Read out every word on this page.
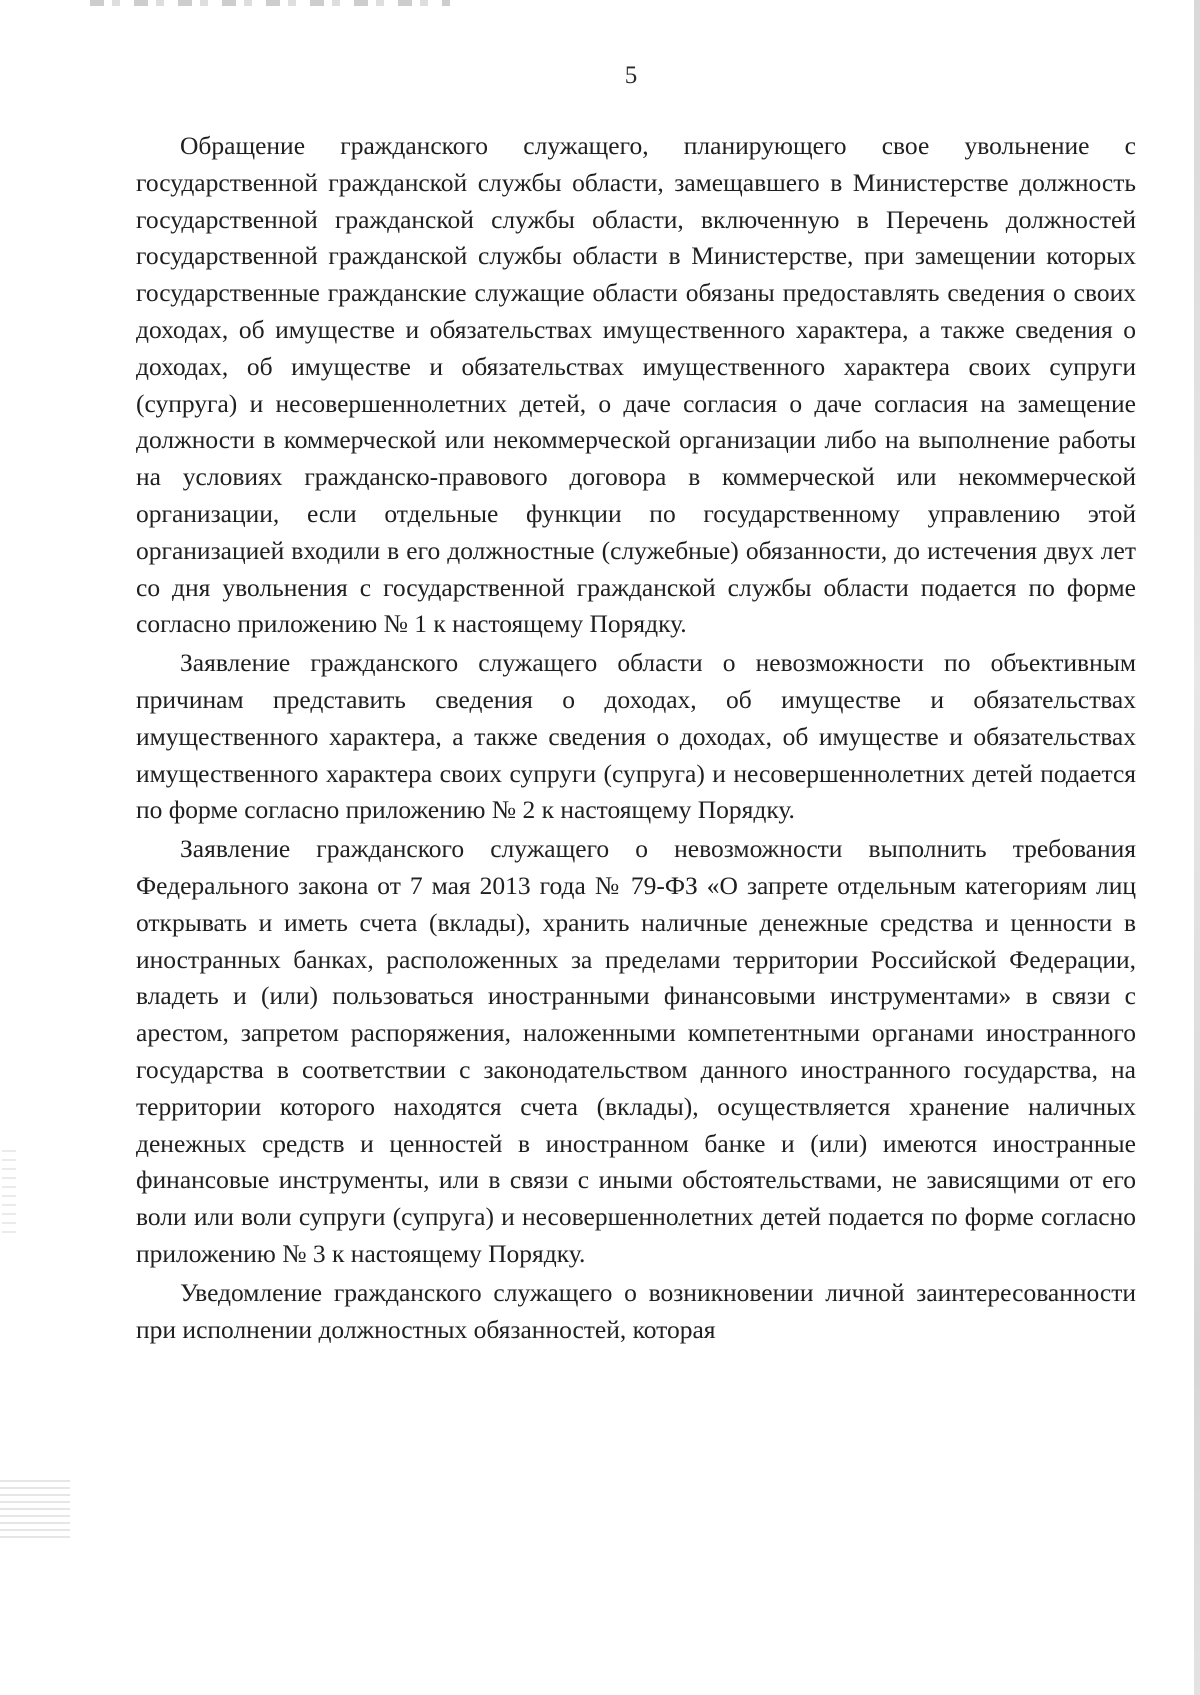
5

Обращение гражданского служащего, планирующего свое увольнение с государственной гражданской службы области, замещавшего в Министерстве должность государственной гражданской службы области, включенную в Перечень должностей государственной гражданской службы области в Министерстве, при замещении которых государственные гражданские служащие области обязаны предоставлять сведения о своих доходах, об имуществе и обязательствах имущественного характера, а также сведения о доходах, об имуществе и обязательствах имущественного характера своих супруги (супруга) и несовершеннолетних детей, о даче согласия о даче согласия на замещение должности в коммерческой или некоммерческой организации либо на выполнение работы на условиях гражданско-правового договора в коммерческой или некоммерческой организации, если отдельные функции по государственному управлению этой организацией входили в его должностные (служебные) обязанности, до истечения двух лет со дня увольнения с государственной гражданской службы области подается по форме согласно приложению № 1 к настоящему Порядку.

Заявление гражданского служащего области о невозможности по объективным причинам представить сведения о доходах, об имуществе и обязательствах имущественного характера, а также сведения о доходах, об имуществе и обязательствах имущественного характера своих супруги (супруга) и несовершеннолетних детей подается по форме согласно приложению № 2 к настоящему Порядку.

Заявление гражданского служащего о невозможности выполнить требования Федерального закона от 7 мая 2013 года № 79-ФЗ «О запрете отдельным категориям лиц открывать и иметь счета (вклады), хранить наличные денежные средства и ценности в иностранных банках, расположенных за пределами территории Российской Федерации, владеть и (или) пользоваться иностранными финансовыми инструментами» в связи с арестом, запретом распоряжения, наложенными компетентными органами иностранного государства в соответствии с законодательством данного иностранного государства, на территории которого находятся счета (вклады), осуществляется хранение наличных денежных средств и ценностей в иностранном банке и (или) имеются иностранные финансовые инструменты, или в связи с иными обстоятельствами, не зависящими от его воли или воли супруги (супруга) и несовершеннолетних детей подается по форме согласно приложению № 3 к настоящему Порядку.

Уведомление гражданского служащего о возникновении личной заинтересованности при исполнении должностных обязанностей, которая
